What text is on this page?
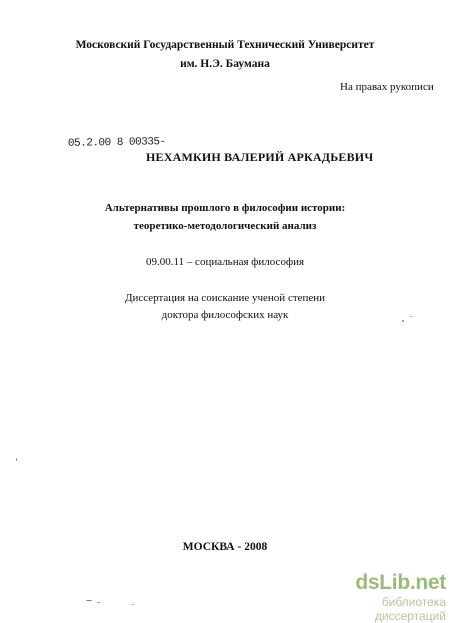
Московский Государственный Технический Университет
им. Н.Э. Баумана
На правах рукописи
05.2.00 8 00335-
НЕХАМКИН ВАЛЕРИЙ АРКАДЬЕВИЧ
Альтернативы прошлого в философии истории:
теоретико-методологический анализ
09.00.11 – социальная философия
Диссертация на соискание ученой степени
доктора философских наук
МОСКВА - 2008
dsLib.net
библиотека диссертаций
